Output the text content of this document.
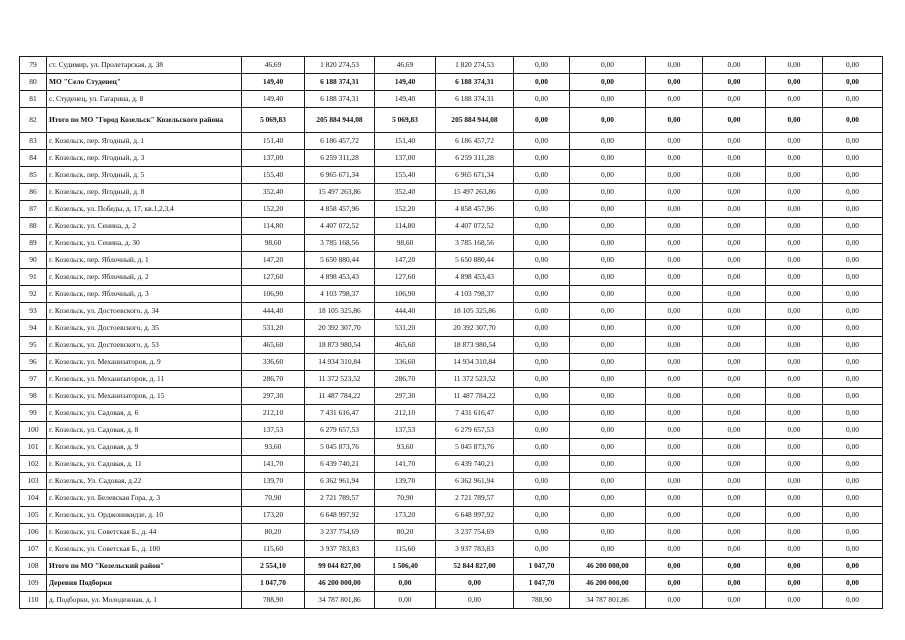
79	ст. Судимир, ул. Пролетарская, д. 38	46,69	1 820 274,53	46,69	1 820 274,53	0,00	0,00	0,00	0,00	0,00	0,00
80	МО "Село Студенец"	149,40	6 188 374,31	149,40	6 188 374,31	0,00	0,00	0,00	0,00	0,00	0,00
81	с. Студенец, ул. Гагарина, д. 8	149,40	6 188 374,31	149,40	6 188 374,31	0,00	0,00	0,00	0,00	0,00	0,00
82	Итого по МО "Город Козельск" Козельского района	5 069,83	205 884 944,08	5 069,83	205 884 944,08	0,00	0,00	0,00	0,00	0,00	0,00
83	г. Козельск, пер. Ягодный, д. 1	151,40	6 186 457,72	151,40	6 186 457,72	0,00	0,00	0,00	0,00	0,00	0,00
84	г. Козельск, пер. Ягодный, д. 3	137,00	6 259 311,28	137,00	6 259 311,28	0,00	0,00	0,00	0,00	0,00	0,00
85	г. Козельск, пер. Ягодный, д. 5	155,40	6 965 671,34	155,40	6 965 671,34	0,00	0,00	0,00	0,00	0,00	0,00
86	г. Козельск, пер. Ягодный, д. 8	352,40	15 497 263,86	352,40	15 497 263,86	0,00	0,00	0,00	0,00	0,00	0,00
87	г. Козельск, ул. Победы, д. 17, кв.1,2,3,4	152,20	4 858 457,96	152,20	4 858 457,96	0,00	0,00	0,00	0,00	0,00	0,00
88	г. Козельск, ул. Сенина, д. 2	114,80	4 407 072,52	114,80	4 407 072,52	0,00	0,00	0,00	0,00	0,00	0,00
89	г. Козельск, ул. Сенина, д. 30	98,60	3 785 168,56	98,60	3 785 168,56	0,00	0,00	0,00	0,00	0,00	0,00
90	г. Козельск, пер. Яблочный, д. 1	147,20	5 650 880,44	147,20	5 650 880,44	0,00	0,00	0,00	0,00	0,00	0,00
91	г. Козельск, пер. Яблочный, д. 2	127,60	4 898 453,43	127,60	4 898 453,43	0,00	0,00	0,00	0,00	0,00	0,00
92	г. Козельск, пер. Яблочный, д. 3	106,90	4 103 798,37	106,90	4 103 798,37	0,00	0,00	0,00	0,00	0,00	0,00
93	г. Козельск, ул. Достоевского, д. 34	444,40	18 105 325,86	444,40	18 105 325,86	0,00	0,00	0,00	0,00	0,00	0,00
94	г. Козельск, ул. Достоевского, д. 35	531,20	20 392 307,70	531,20	20 392 307,70	0,00	0,00	0,00	0,00	0,00	0,00
95	г. Козельск, ул. Достоевского, д. 53	465,60	18 873 980,54	465,60	18 873 980,54	0,00	0,00	0,00	0,00	0,00	0,00
96	г. Козельск, ул. Механизаторов, д. 9	336,60	14 934 310,84	336,60	14 934 310,84	0,00	0,00	0,00	0,00	0,00	0,00
97	г. Козельск, ул. Механизаторов, д. 11	286,70	11 372 523,52	286,70	11 372 523,52	0,00	0,00	0,00	0,00	0,00	0,00
98	г. Козельск, ул. Механизаторов, д. 15	297,30	11 487 784,22	297,30	11 487 784,22	0,00	0,00	0,00	0,00	0,00	0,00
99	г. Козельск, ул. Садовая, д. 6	212,10	7 431 616,47	212,10	7 431 616,47	0,00	0,00	0,00	0,00	0,00	0,00
100	г. Козельск, ул. Садовая, д. 8	137,53	6 279 657,53	137,53	6 279 657,53	0,00	0,00	0,00	0,00	0,00	0,00
101	г. Козельск, ул. Садовая, д. 9	93,60	5 045 873,76	93,60	5 045 873,76	0,00	0,00	0,00	0,00	0,00	0,00
102	г. Козельск, ул. Садовая, д. 11	141,70	6 439 740,21	141,70	6 439 740,21	0,00	0,00	0,00	0,00	0,00	0,00
103	г. Козельск, Ул. Садовая, д.22	139,70	6 362 961,94	139,70	6 362 961,94	0,00	0,00	0,00	0,00	0,00	0,00
104	г. Козельск, ул. Белевская Гора, д. 3	70,90	2 721 789,57	70,90	2 721 789,57	0,00	0,00	0,00	0,00	0,00	0,00
105	г. Козельск, ул. Орджоникидзе, д. 10	173,20	6 648 997,92	173,20	6 648 997,92	0,00	0,00	0,00	0,00	0,00	0,00
106	г. Козельск, ул. Советская Б., д. 44	80,20	3 237 754,69	80,20	3 237 754,69	0,00	0,00	0,00	0,00	0,00	0,00
107	г. Козельск, ул. Советская Б., д. 100	115,60	3 937 783,83	115,60	3 937 783,83	0,00	0,00	0,00	0,00	0,00	0,00
108	Итого по МО "Козельский район"	2 554,10	99 044 827,00	1 506,40	52 844 827,00	1 047,70	46 200 000,00	0,00	0,00	0,00	0,00
109	Деревня Подборки	1 047,70	46 200 000,00	0,00	0,00	1 047,70	46 200 000,00	0,00	0,00	0,00	0,00
110	д. Подборки, ул. Молодежная, д. 1	788,90	34 787 801,86	0,00	0,00	788,90	34 787 801,86	0,00	0,00	0,00	0,00
